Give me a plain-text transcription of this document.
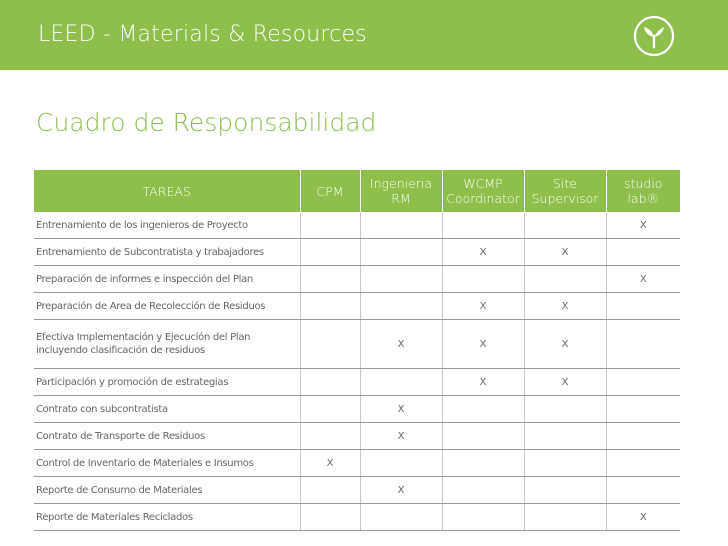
LEED - Materials & Resources
Cuadro de Responsabilidad
TAREAS	CPM	Ingenieria RM	WCMP Coordinator	Site Supervisor	studio lab®
Entrenamiento de los ingenieros de Proyecto					X
Entrenamiento de Subcontratista y trabajadores			X	X	
Preparación de informes e inspección del Plan					X
Preparación de Area de Recolección de Residuos			X	X	
Efectiva Implementación y Ejecución del Plan incluyendo clasificación de residuos		X	X	X	
Participación y promoción de estrategias			X	X	
Contrato con subcontratista		X			
Contrato de Transporte de Residuos		X			
Control de Inventario de Materiales e Insumos	X				
Reporte de Consumo de Materiales		X			
Reporte de Materiales Reciclados					X
